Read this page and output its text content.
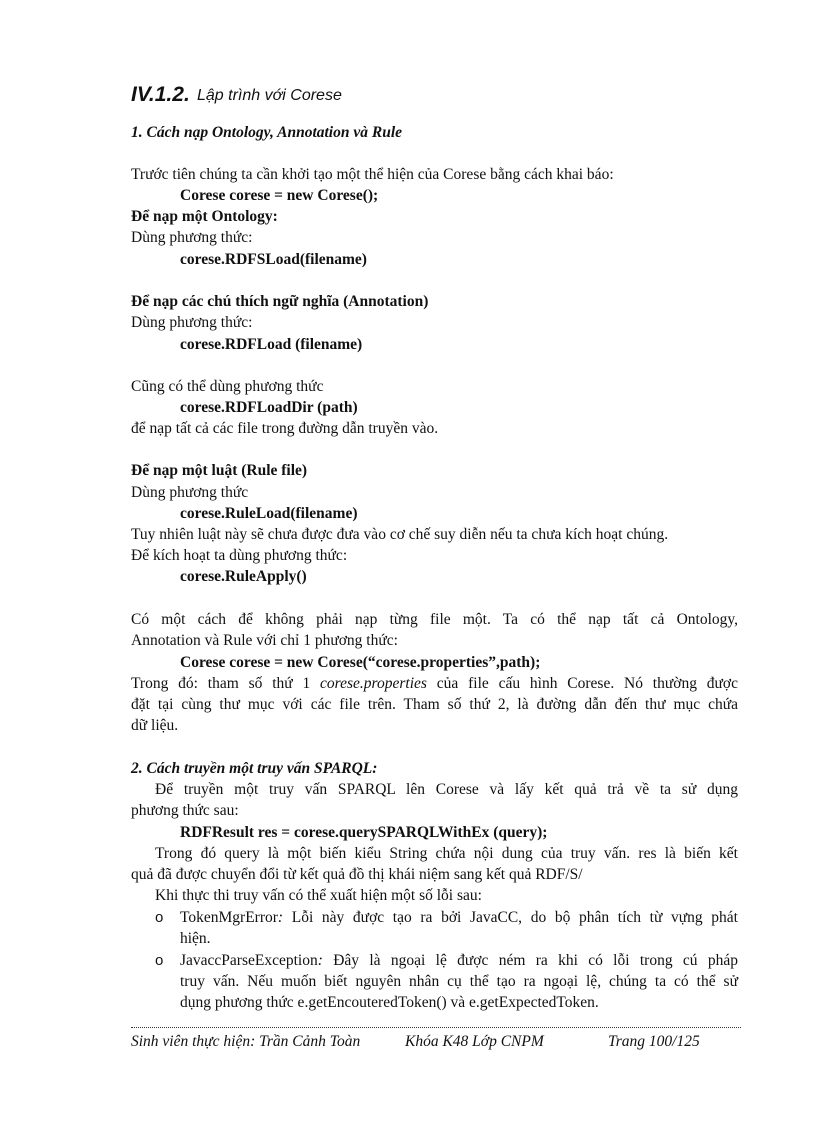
IV.1.2. Lập trình với Corese
1. Cách nạp Ontology, Annotation và Rule
Trước tiên chúng ta cần khởi tạo một thể hiện của Corese bằng cách khai báo:
Corese corese = new Corese();
Để nạp một Ontology:
Dùng phương thức:
corese.RDFSLoad(filename)
Để nạp các chú thích ngữ nghĩa (Annotation)
Dùng phương thức:
corese.RDFLoad (filename)
Cũng có thể dùng phương thức
corese.RDFLoadDir (path)
để nạp tất cả các file trong đường dẫn truyền vào.
Để nạp một luật (Rule file)
Dùng phương thức
corese.RuleLoad(filename)
Tuy nhiên luật này sẽ chưa được đưa vào cơ chế suy diễn nếu ta chưa kích hoạt chúng.
Để kích hoạt ta dùng phương thức:
corese.RuleApply()
Có một cách để không phải nạp từng file một. Ta có thể nạp tất cả Ontology,
Annotation và Rule với chỉ 1 phương thức:
Corese corese = new Corese(“corese.properties”,path);
Trong đó: tham số thứ 1 corese.properties của file cấu hình Corese. Nó thường được
đặt tại cùng thư mục với các file trên. Tham số thứ 2, là đường dẫn đến thư mục chứa
dữ liệu.
2. Cách truyền một truy vấn SPARQL:
Để truyền một truy vấn SPARQL lên Corese và lấy kết quả trả về ta sử dụng
phương thức sau:
RDFResult res = corese.querySPARQLWithEx (query);
Trong đó query là một biến kiểu String chứa nội dung của truy vấn. res là biến kết
quả đã được chuyển đổi từ kết quả đồ thị khái niệm sang kết quả RDF/S/
Khi thực thi truy vấn có thể xuất hiện một số lỗi sau:
o TokenMgrError: Lỗi này được tạo ra bởi JavaCC, do bộ phân tích từ vựng phát
hiện.
o JavaccParseException: Đây là ngoại lệ được ném ra khi có lỗi trong cú pháp
truy vấn. Nếu muốn biết nguyên nhân cụ thể tạo ra ngoại lệ, chúng ta có thể sử
dụng phương thức e.getEncouteredToken() và e.getExpectedToken.
Sinh viên thực hiện: Trần Cảnh Toàn	Khóa K48 Lớp CNPM	Trang 100/125
